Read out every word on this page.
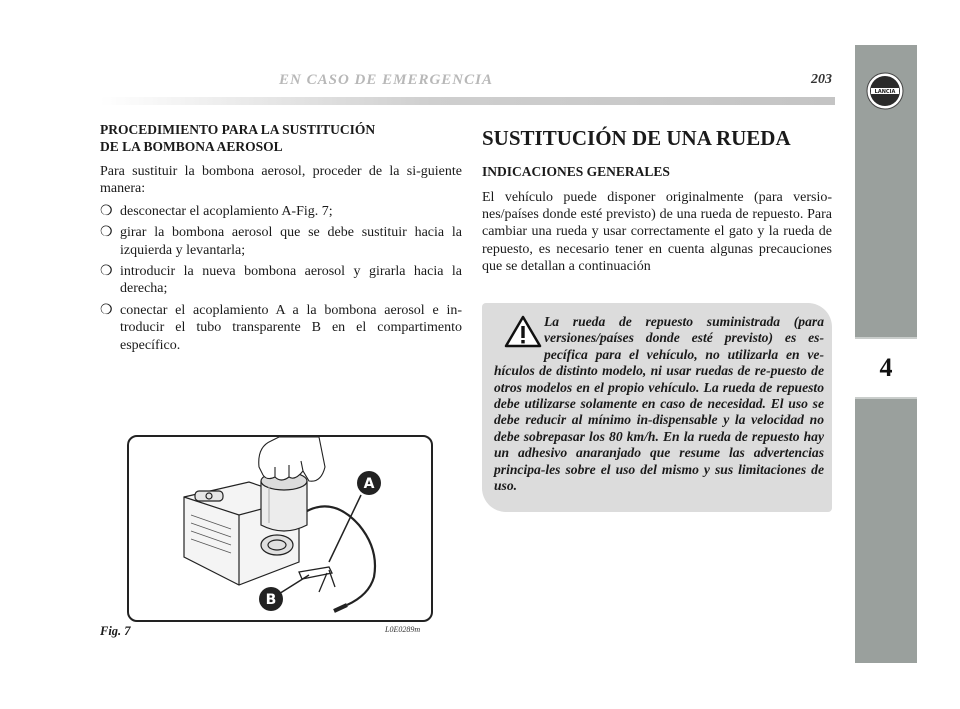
EN CASO DE EMERGENCIA	203
LANCIA
4
PROCEDIMIENTO PARA LA SUSTITUCIÓN
DE LA BOMBONA AEROSOL

Para sustituir la bombona aerosol, proceder de la si-guiente manera:

❍ desconectar el acoplamiento A-Fig. 7;
❍ girar la bombona aerosol que se debe sustituir hacia la izquierda y levantarla;
❍ introducir la nueva bombona aerosol y girarla hacia la derecha;
❍ conectar el acoplamiento A a la bombona aerosol e in-troducir el tubo transparente B en el compartimento específico.
SUSTITUCIÓN DE UNA RUEDA
INDICACIONES GENERALES

El vehículo puede disponer originalmente (para versio-nes/países donde esté previsto) de una rueda de repuesto. Para cambiar una rueda y usar correctamente el gato y la rueda de repuesto, es necesario tener en cuenta algunas precauciones que se detallan a continuación

La rueda de repuesto suministrada (para versiones/países donde esté previsto) es es-pecífica para el vehículo, no utilizarla en ve-hículos de distinto modelo, ni usar ruedas de re-puesto de otros modelos en el propio vehículo. La rueda de repuesto debe utilizarse solamente en caso de necesidad. El uso se debe reducir al mínimo in-dispensable y la velocidad no debe sobrepasar los 80 km/h. En la rueda de repuesto hay un adhesivo anaranjado que resume las advertencias principa-les sobre el uso del mismo y sus limitaciones de uso.
A
B
Fig. 7	L0E0289m
